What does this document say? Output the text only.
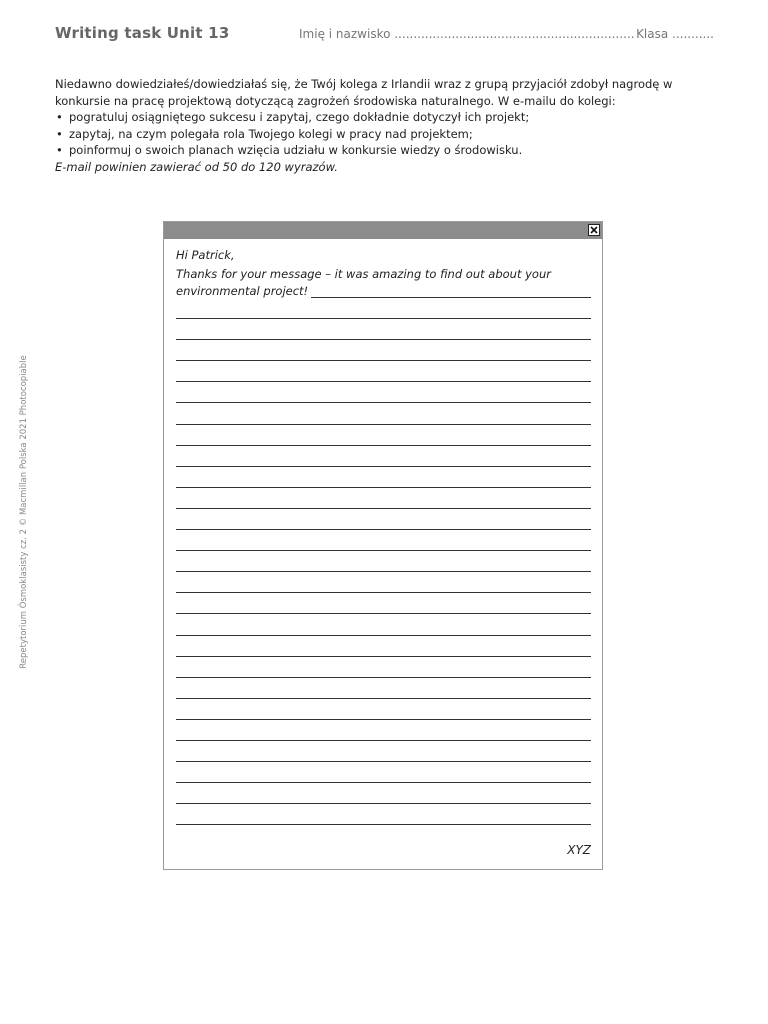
Writing task Unit 13	Imię i nazwisko ............................................................... Klasa ...........

Niedawno dowiedziałeś/dowiedziałaś się, że Twój kolega z Irlandii wraz z grupą przyjaciół zdobył nagrodę w konkursie na pracę projektową dotyczącą zagrożeń środowiska naturalnego. W e-mailu do kolegi:

• pogratuluj osiągniętego sukcesu i zapytaj, czego dokładnie dotyczył ich projekt;
• zapytaj, na czym polegała rola Twojego kolegi w pracy nad projektem;
• poinformuj o swoich planach wzięcia udziału w konkursie wiedzy o środowisku.

E-mail powinien zawierać od 50 do 120 wyrazów.

Repetytorium Ósmoklasisty cz. 2 © Macmillan Polska 2021 Photocopiable
Hi Patrick,
Thanks for your message – it was amazing to find out about your
environmental project!
XYZ
